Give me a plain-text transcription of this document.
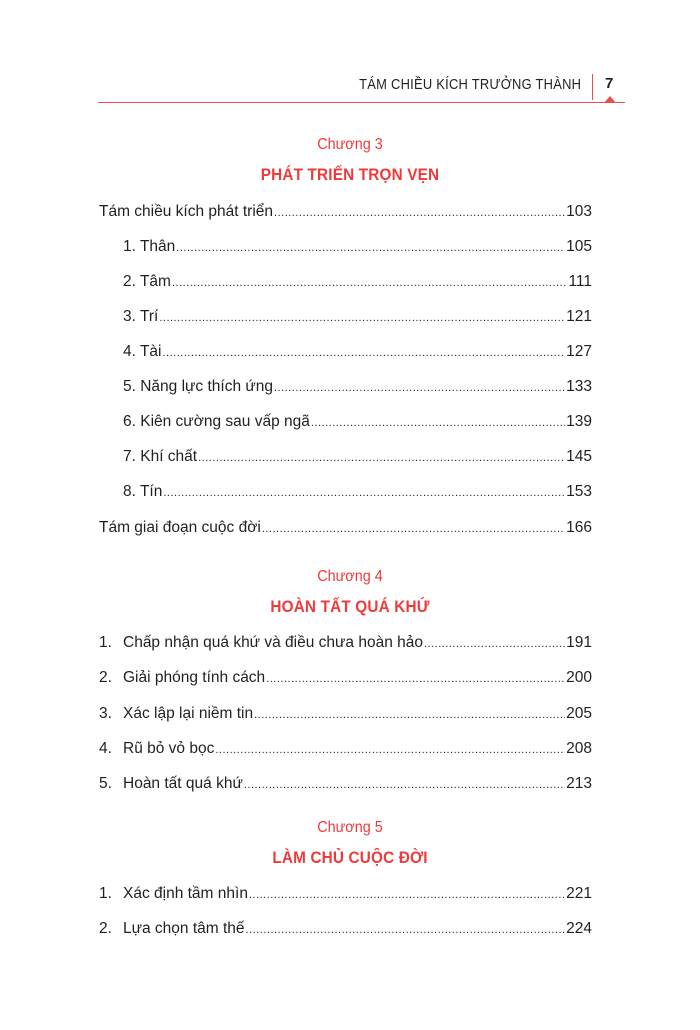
TÁM CHIỀU KÍCH TRƯỞNG THÀNH 7
Chương 3
PHÁT TRIỂN TRỌN VẸN
Tám chiều kích phát triển .....	103
1. Thân .....	105
2. Tâm .....	111
3. Trí .....	121
4. Tài .....	127
5. Năng lực thích ứng .....	133
6. Kiên cường sau vấp ngã .....	139
7. Khí chất .....	145
8. Tín .....	153
Tám giai đoạn cuộc đời .....	166
Chương 4
HOÀN TẤT QUÁ KHỨ
1. Chấp nhận quá khứ và điều chưa hoàn hảo .....	191
2. Giải phóng tính cách .....	200
3. Xác lập lại niềm tin .....	205
4. Rũ bỏ vỏ bọc .....	208
5. Hoàn tất quá khứ .....	213
Chương 5
LÀM CHỦ CUỘC ĐỜI
1. Xác định tầm nhìn .....	221
2. Lựa chọn tâm thế .....	224
